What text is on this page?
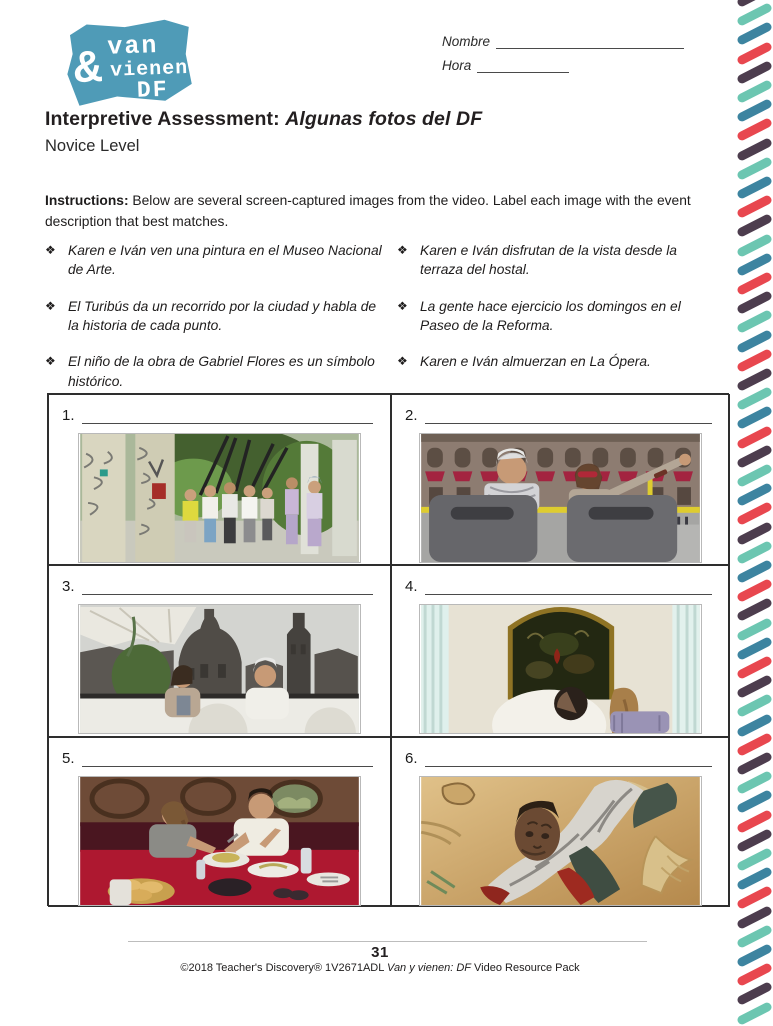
& van
vienen
DF
Nombre
Hora
Interpretive Assessment: Algunas fotos del DF
Novice Level

Instructions: Below are several screen-captured images from the video. Label each image with the event description that best matches.

❖ Karen e Iván ven una pintura en el Museo Nacional de Arte.
❖ El Turibús da un recorrido por la ciudad y habla de la historia de cada punto.
❖ El niño de la obra de Gabriel Flores es un símbolo histórico.
❖ Karen e Iván disfrutan de la vista desde la terraza del hostal.
❖ La gente hace ejercicio los domingos en el Paseo de la Reforma.
❖ Karen e Iván almuerzan en La Ópera.
1.	2.
3.	4.
5.	6.
31
©2018 Teacher's Discovery® 1V2671ADL Van y vienen: DF Video Resource Pack
